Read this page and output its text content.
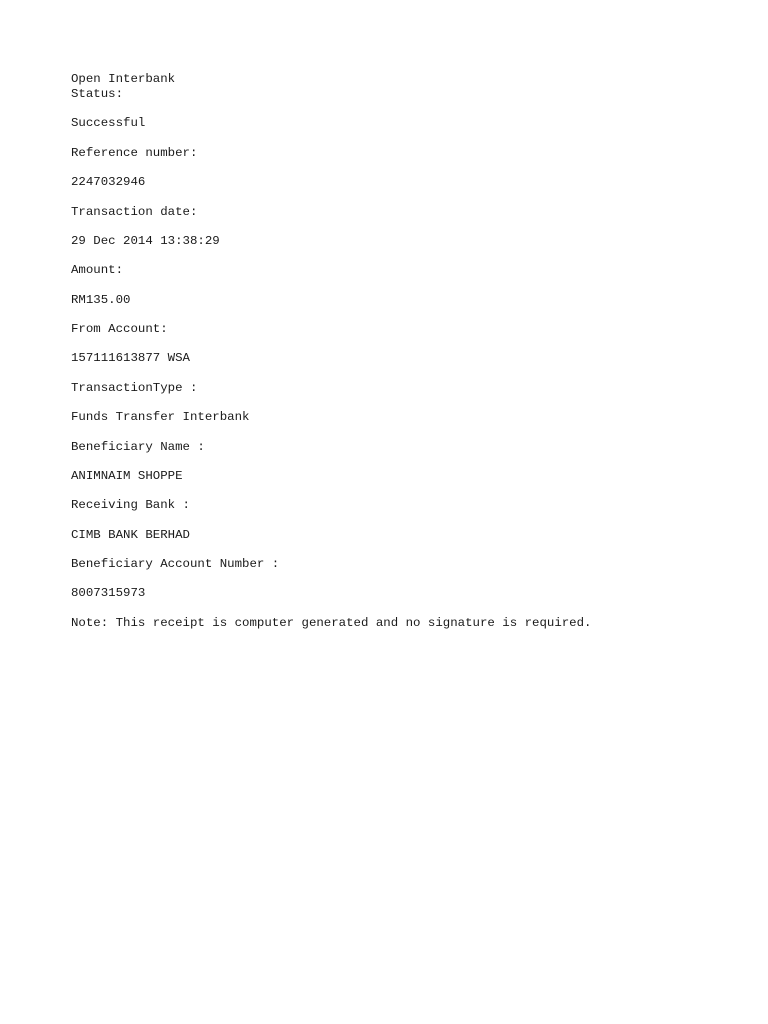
Open Interbank
Status:
Successful
Reference number:
2247032946
Transaction date:
29 Dec 2014 13:38:29
Amount:
RM135.00
From Account:
157111613877 WSA
TransactionType :
Funds Transfer Interbank
Beneficiary Name :
ANIMNAIM SHOPPE
Receiving Bank :
CIMB BANK BERHAD
Beneficiary Account Number :
8007315973
Note: This receipt is computer generated and no signature is required.
